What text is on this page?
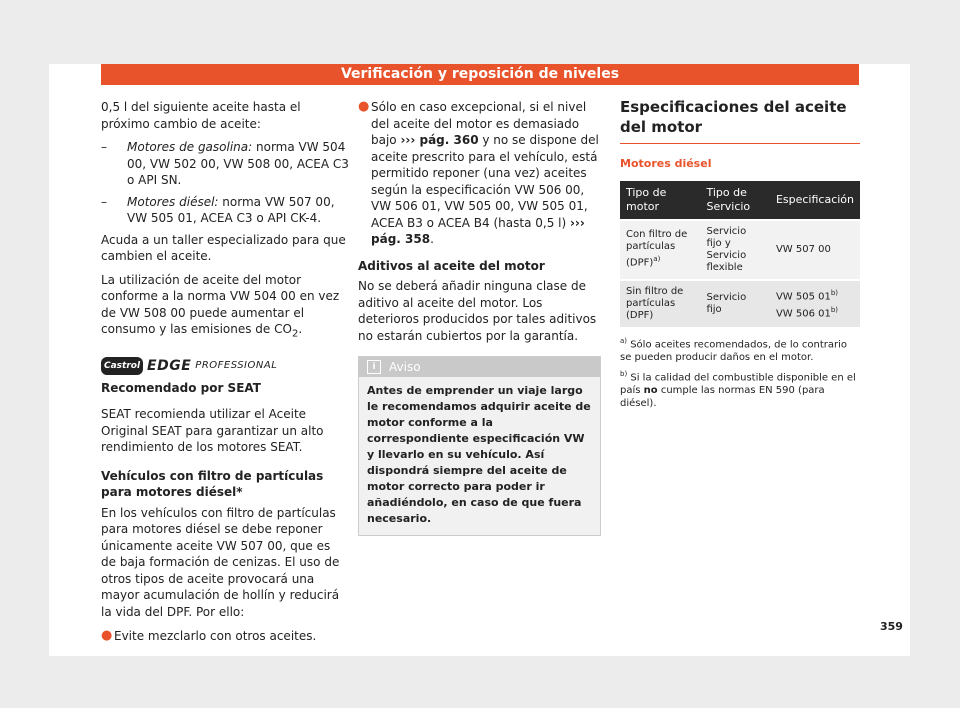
Verificación y reposición de niveles

0,5 l del siguiente aceite hasta el próximo cambio de aceite:

– Motores de gasolina: norma VW 504 00, VW 502 00, VW 508 00, ACEA C3 o API SN.
– Motores diésel: norma VW 507 00, VW 505 01, ACEA C3 o API CK-4.

Acuda a un taller especializado para que cambien el aceite.

La utilización de aceite del motor conforme a la norma VW 504 00 en vez de VW 508 00 puede aumentar el consumo y las emisiones de $CO_2$.

Castrol EDGE PROFESSIONAL

Recomendado por SEAT

SEAT recomienda utilizar el Aceite Original SEAT para garantizar un alto rendimiento de los motores SEAT.

Vehículos con filtro de partículas para motores diésel*

En los vehículos con filtro de partículas para motores diésel se debe reponer únicamente aceite VW 507 00, que es de baja formación de cenizas. El uso de otros tipos de aceite provocará una mayor acumulación de hollín y reducirá la vida del DPF. Por ello:

● Evite mezclarlo con otros aceites.
● Sólo en caso excepcional, si el nivel del aceite del motor es demasiado bajo ››› pág. 360 y no se dispone del aceite prescrito para el vehículo, está permitido reponer (una vez) aceites según la especificación VW 506 00, VW 506 01, VW 505 00, VW 505 01, ACEA B3 o ACEA B4 (hasta 0,5 l) ››› pág. 358.

Aditivos al aceite del motor

No se deberá añadir ninguna clase de aditivo al aceite del motor. Los deterioros producidos por tales aditivos no estarán cubiertos por la garantía.

i	Aviso
Antes de emprender un viaje largo le recomendamos adquirir aceite de motor conforme a la correspondiente especificación VW y llevarlo en su vehículo. Así dispondrá siempre del aceite de motor correcto para poder ir añadiéndolo, en caso de que fuera necesario.
Especificaciones del aceite del motor
Motores diésel
Tipo de motor	Tipo de Servicio	Especificación
Con filtro de partículas (DPF)$^{a)}$	Servicio fijo y Servicio flexible	VW 507 00
Sin filtro de partículas (DPF)	Servicio fijo	VW 505 01$^{b)}$
VW 506 01$^{b)}$
$^{a)}$ Sólo aceites recomendados, de lo contrario se pueden producir daños en el motor.
$^{b)}$ Si la calidad del combustible disponible en el país no cumple las normas EN 590 (para diésel).
359
